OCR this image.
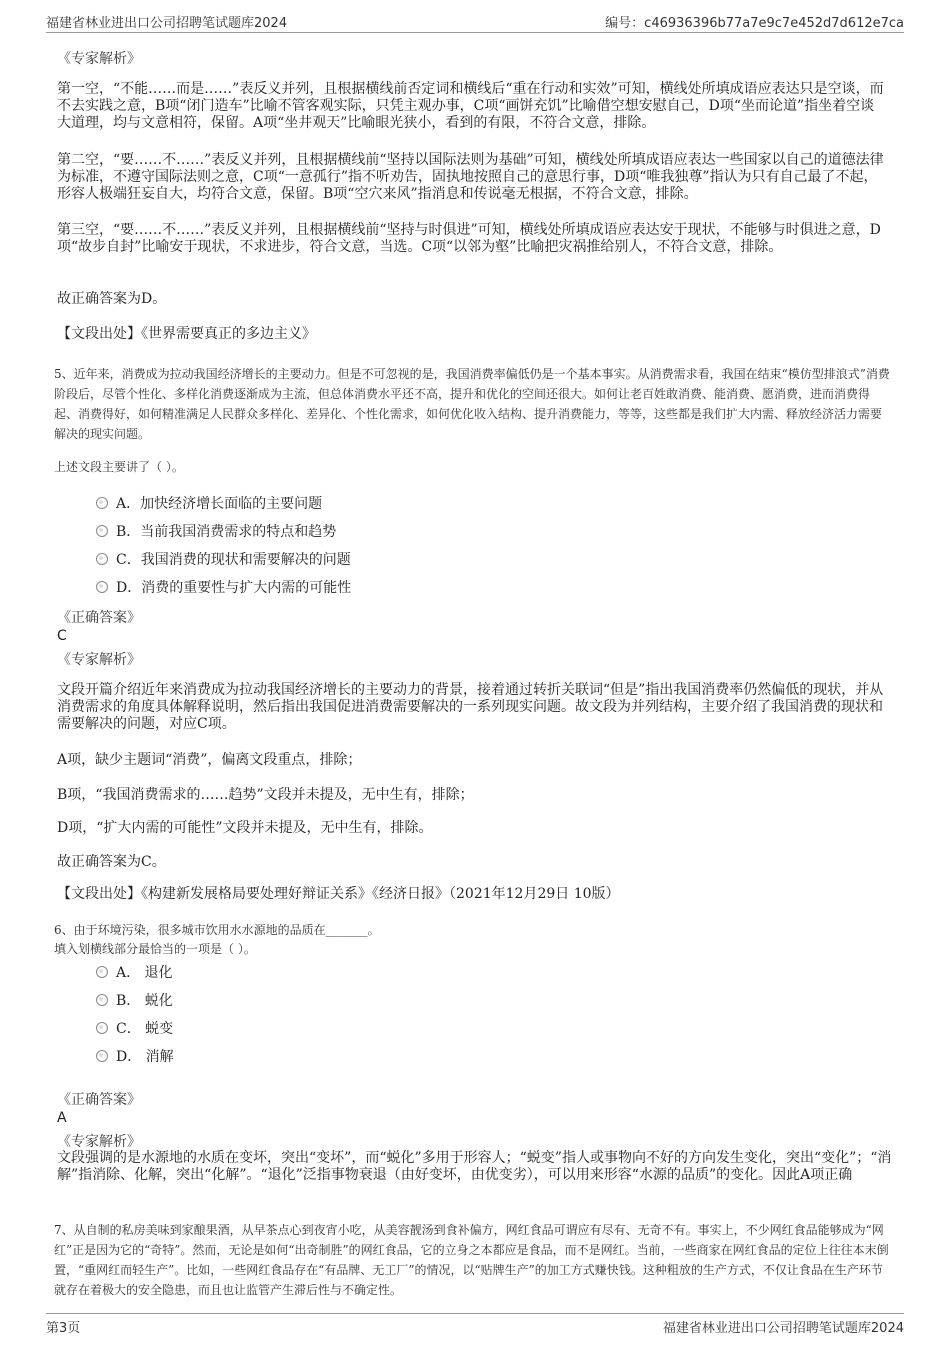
福建省林业进出口公司招聘笔试题库2024	编号：c46936396b77a7e9c7e452d7d612e7ca
《专家解析》
第一空，“不能……而是……”表反义并列，且根据横线前否定词和横线后“重在行动和实效”可知，横线处所填成语应表达只是空谈，而不去实践之意，B项“闭门造车”比喻不管客观实际，只凭主观办事，C项“画饼充饥”比喻借空想安慰自己，D项“坐而论道”指坐着空谈大道理，均与文意相符，保留。A项“坐井观天”比喻眼光狭小，看到的有限，不符合文意，排除。
第二空，“要……不……”表反义并列，且根据横线前“坚持以国际法则为基础”可知，横线处所填成语应表达一些国家以自己的道德法律为标准，不遵守国际法则之意，C项“一意孤行”指不听劝告，固执地按照自己的意思行事，D项“唯我独尊”指认为只有自己最了不起，形容人极端狂妄自大，均符合文意，保留。B项“空穴来风”指消息和传说毫无根据，不符合文意，排除。
第三空，“要……不……”表反义并列，且根据横线前“坚持与时俱进”可知，横线处所填成语应表达安于现状，不能够与时俱进之意，D项“故步自封”比喻安于现状，不求进步，符合文意，当选。C项“以邻为壑”比喻把灾祸推给别人，不符合文意，排除。
故正确答案为D。
【文段出处】《世界需要真正的多边主义》
5、近年来，消费成为拉动我国经济增长的主要动力。但是不可忽视的是，我国消费率偏低仍是一个基本事实。从消费需求看，我国在结束“模仿型排浪式”消费阶段后，尽管个性化、多样化消费逐渐成为主流，但总体消费水平还不高，提升和优化的空间还很大。如何让老百姓敢消费、能消费、愿消费，进而消费得起、消费得好，如何精准满足人民群众多样化、差异化、个性化需求，如何优化收入结构、提升消费能力，等等，这些都是我们扩大内需、释放经济活力需要解决的现实问题。
上述文段主要讲了（ ）。
A．加快经济增长面临的主要问题
B．当前我国消费需求的特点和趋势
C．我国消费的现状和需要解决的问题
D．消费的重要性与扩大内需的可能性
《正确答案》
C
《专家解析》
文段开篇介绍近年来消费成为拉动我国经济增长的主要动力的背景，接着通过转折关联词“但是”指出我国消费率仍然偏低的现状，并从消费需求的角度具体解释说明，然后指出我国促进消费需要解决的一系列现实问题。故文段为并列结构，主要介绍了我国消费的现状和需要解决的问题，对应C项。
A项，缺少主题词“消费”，偏离文段重点，排除；
B项，“我国消费需求的……趋势”文段并未提及，无中生有，排除；
D项，“扩大内需的可能性”文段并未提及，无中生有，排除。
故正确答案为C。
【文段出处】《构建新发展格局要处理好辩证关系》《经济日报》（2021年12月29日 10版）
6、由于环境污染，很多城市饮用水水源地的品质在_______。
填入划横线部分最恰当的一项是（ ）。
A． 退化
B． 蜕化
C． 蜕变
D． 消解
《正确答案》
A
《专家解析》
文段强调的是水源地的水质在变坏，突出“变坏”，而“蜕化”多用于形容人；“蜕变”指人或事物向不好的方向发生变化，突出“变化”；“消解”指消除、化解，突出“化解”。“退化”泛指事物衰退（由好变坏，由优变劣），可以用来形容“水源的品质”的变化。因此A项正确
7、从自制的私房美味到家酿果酒，从早茶点心到夜宵小吃，从美容靓汤到食补偏方，网红食品可谓应有尽有、无奇不有。事实上，不少网红食品能够成为“网红”正是因为它的“奇特”。然而，无论是如何“出奇制胜”的网红食品，它的立身之本都应是食品，而不是网红。当前，一些商家在网红食品的定位上往往本末倒置，“重网红而轻生产”。比如，一些网红食品存在“有品牌、无工厂”的情况，以“贴牌生产”的加工方式赚快钱。这种粗放的生产方式，不仅让食品在生产环节就存在着极大的安全隐患，而且也让监管产生滞后性与不确定性。
第3页	福建省林业进出口公司招聘笔试题库2024
